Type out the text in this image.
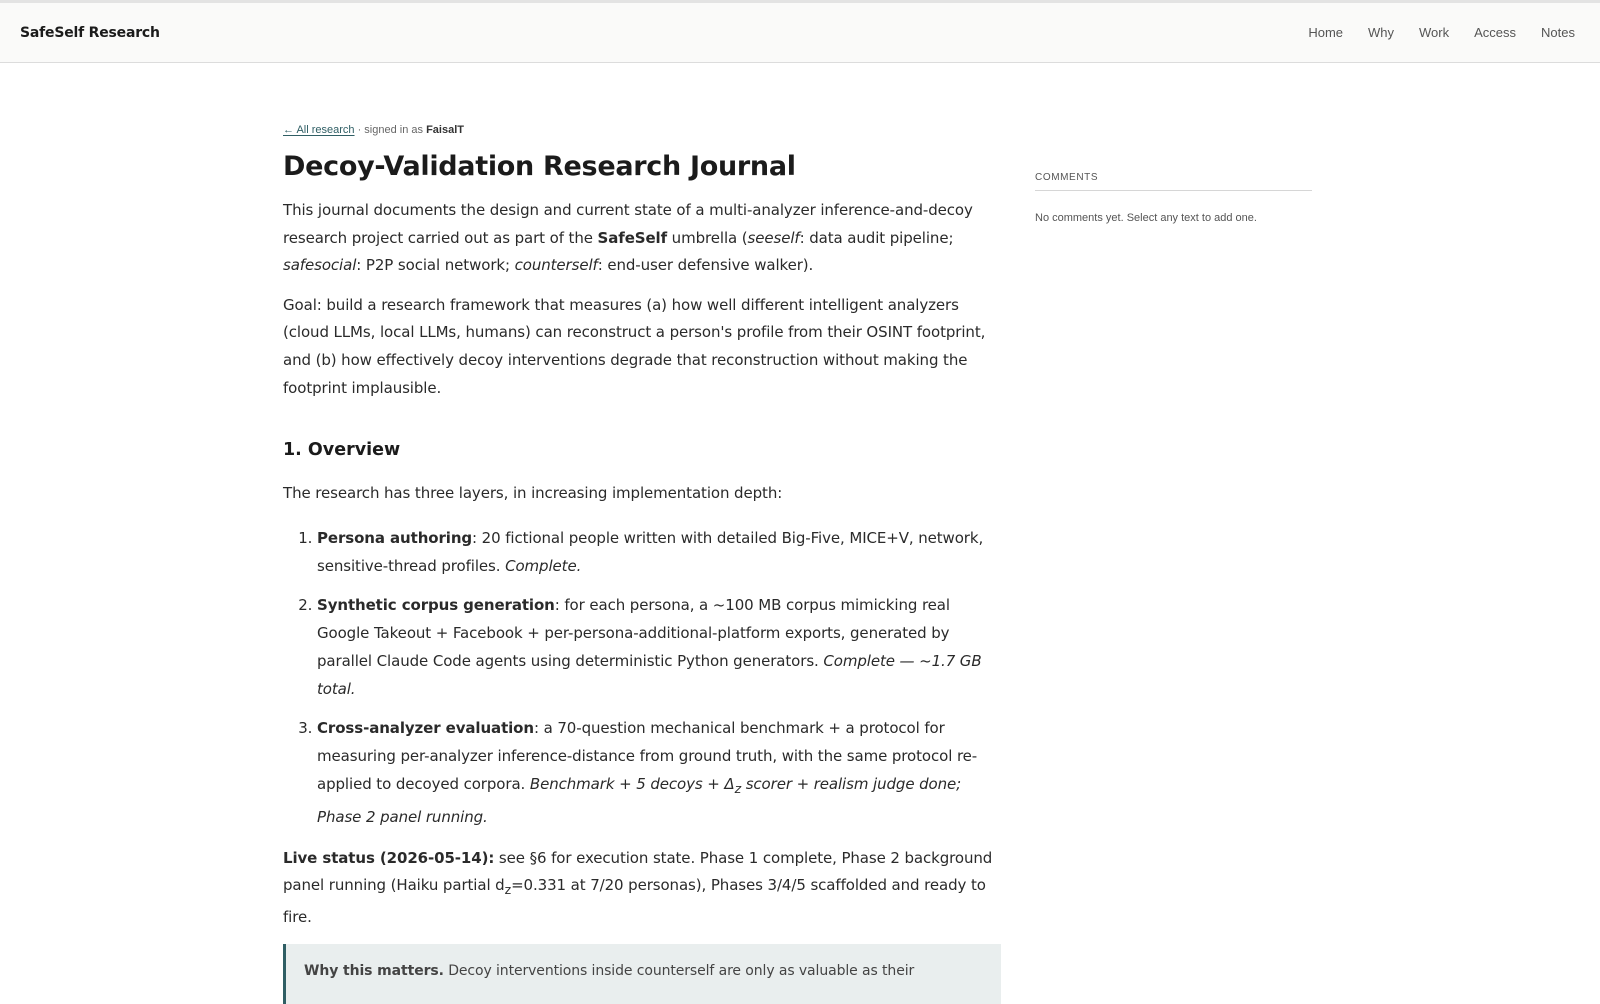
SafeSelf Research	Home Why Work Access Notes
← All research · signed in as FaisalT
Decoy-Validation Research Journal

This journal documents the design and current state of a multi-analyzer inference-and-decoy research project carried out as part of the SafeSelf umbrella (seeself: data audit pipeline; safesocial: P2P social network; counterself: end-user defensive walker).

Goal: build a research framework that measures (a) how well different intelligent analyzers (cloud LLMs, local LLMs, humans) can reconstruct a person's profile from their OSINT footprint, and (b) how effectively decoy interventions degrade that reconstruction without making the footprint implausible.

1. Overview

The research has three layers, in increasing implementation depth:

1. Persona authoring: 20 fictional people written with detailed Big-Five, MICE+V, network, sensitive-thread profiles. Complete.
2. Synthetic corpus generation: for each persona, a ~100 MB corpus mimicking real Google Takeout + Facebook + per-persona-additional-platform exports, generated by parallel Claude Code agents using deterministic Python generators. Complete — ~1.7 GB total.
3. Cross-analyzer evaluation: a 70-question mechanical benchmark + a protocol for measuring per-analyzer inference-distance from ground truth, with the same protocol re-applied to decoyed corpora. Benchmark + 5 decoys + $\Delta_z$ scorer + realism judge done; Phase 2 panel running.

Live status (2026-05-14): see §6 for execution state. Phase 1 complete, Phase 2 background panel running (Haiku partial $d_z=0.331$ at 7/20 personas), Phases 3/4/5 scaffolded and ready to fire.

Why this matters. Decoy interventions inside counterself are only as valuable as their

COMMENTS
No comments yet. Select any text to add one.
